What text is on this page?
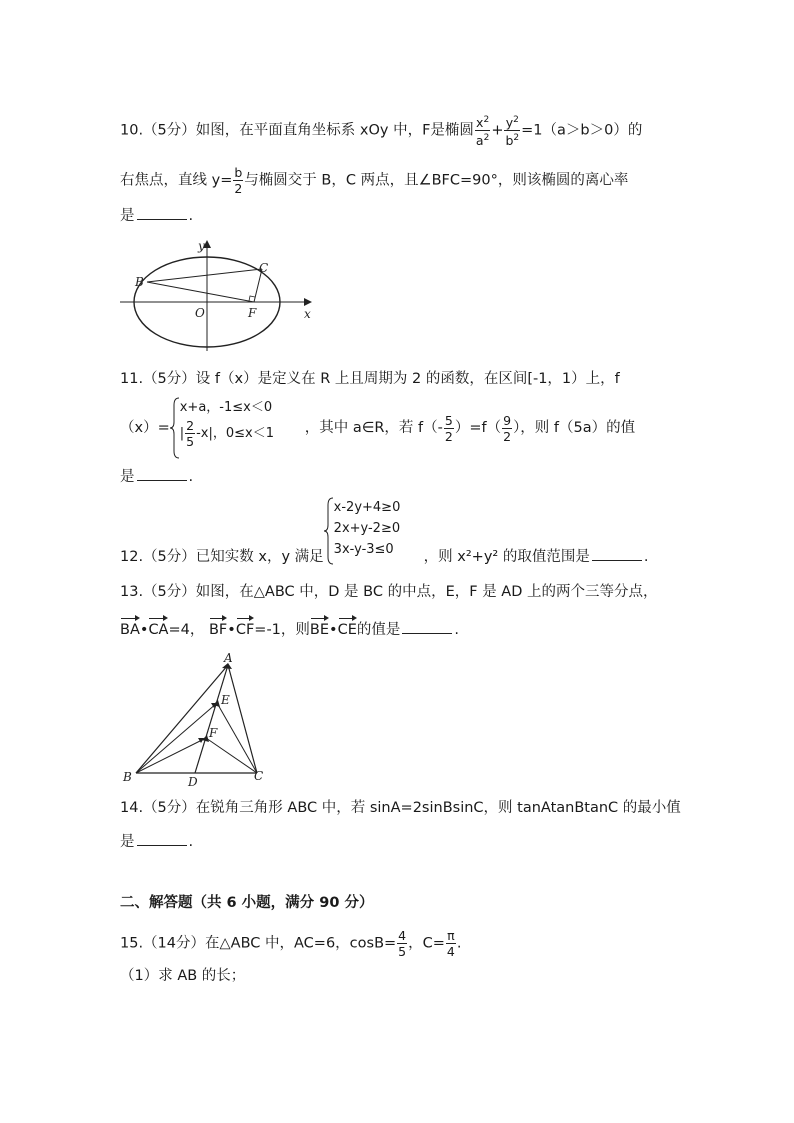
10.（5分）如图，在平面直角坐标系 xOy 中，F是椭圆 $\frac{x^2}{a^2} + \frac{y^2}{b^2} =1(a>b>0)$的
右焦点，直线 $y= \frac{b}{2}$ 与椭圆交于 B，C 两点，且∠BFC=90°，则该椭圆的离心率
是	.
y
x
B
C
O	F
11.（5分）设 f（x）是定义在 R 上且周期为 2 的函数，在区间[-1，1）上，f
（x）=
x+a，-1≤x＜0
| $\frac{2}{5} -x|$，0≤x＜1 ，其中 a∈R，若 $f(- \frac{5}{2} )=f( \frac{9}{2}$ ），则 f（5a）的值
是	.
12.（5分）已知实数 x，y 满足
x-2y+4≥0
2x+y-2≥0
3x-y-3≤0	，则 x²+y² 的取值范围是	.
13.（5分）如图，在△ABC 中，D 是 BC 的中点，E，F 是 AD 上的两个三等分点，
BA•CA=4， BF•CF=-1，则BE•CE的值是	.
A
E
F
B	D	C
14.（5分）在锐角三角形 ABC 中，若 sinA=2sinBsinC，则 tanAtanBtanC 的最小值
是	.
二、解答题（共 6 小题，满分 90 分）
15.（14分）在△ABC 中，AC=6，$\cos B= \frac{4}{5}$ ，$C= \frac{\pi}{4}$ .
（1）求 AB 的长；
